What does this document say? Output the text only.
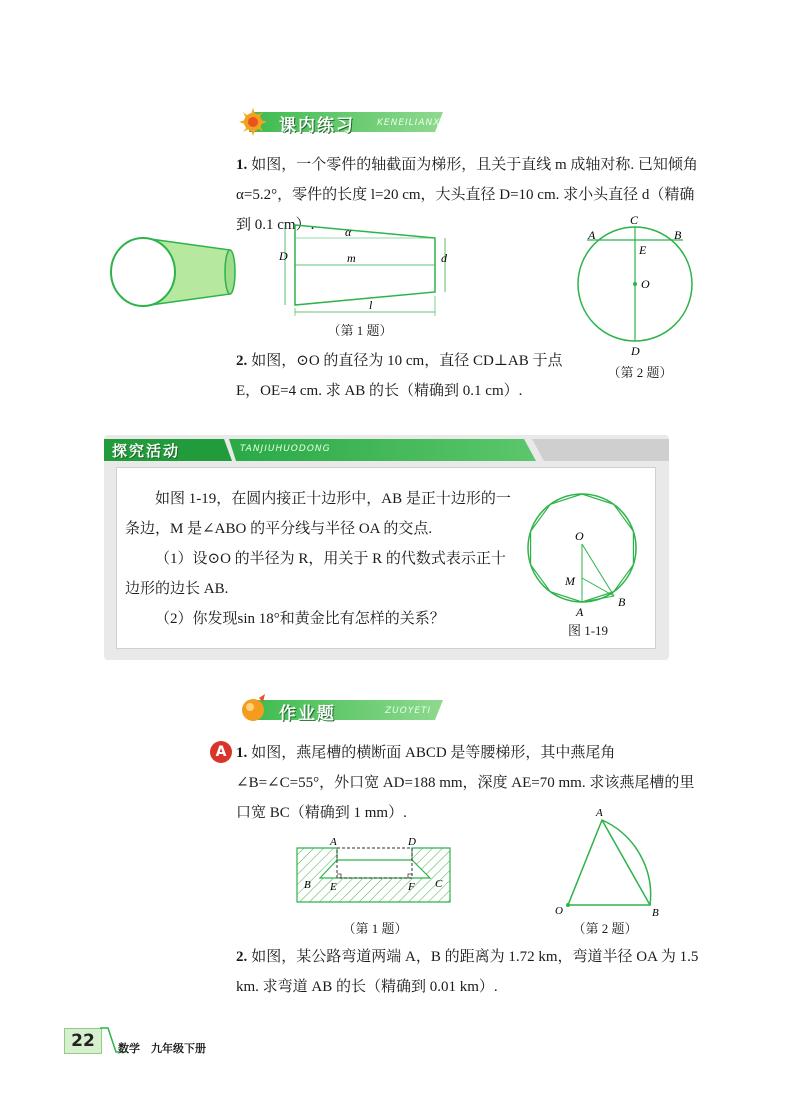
课内练习 KENEILIANXI

1. 如图，一个零件的轴截面为梯形，且关于直线 m 成轴对称. 已知倾角α=5.2°，零件的长度 l=20 cm，大头直径 D=10 cm. 求小头直径 d（精确到 0.1 cm）.	α
D	m	d
l
（第 1 题）
C
A	B
E
O
D
（第 2 题）

2. 如图，⊙O 的直径为 10 cm，直径 CD⊥AB 于点 E，OE=4 cm. 求 AB 的长（精确到 0.1 cm）.

探究活动	TANJIUHUODONG

如图 1-19，在圆内接正十边形中，AB 是正十边形的一条边，M 是∠ABO 的平分线与半径 OA 的交点.

（1）设⊙O 的半径为 R，用关于 R 的代数式表示正十边形的边长 AB.

（2）你发现sin 18°和黄金比有怎样的关系？

O
M
A
B
图 1-19
作业题	ZUOYETI
A 1. 如图，燕尾槽的横断面 ABCD 是等腰梯形，其中燕尾角∠B=∠C=55°，外口宽 AD=188 mm，深度 AE=70 mm. 求该燕尾槽的里口宽 BC（精确到 1 mm）.

A	D
B E	F C
（第 1 题）
A
O	B
（第 2 题）

2. 如图，某公路弯道两端 A，B 的距离为 1.72 km，弯道半径 OA 为 1.5 km. 求弯道 AB 的长（精确到 0.01 km）.

22	数学　九年级下册
